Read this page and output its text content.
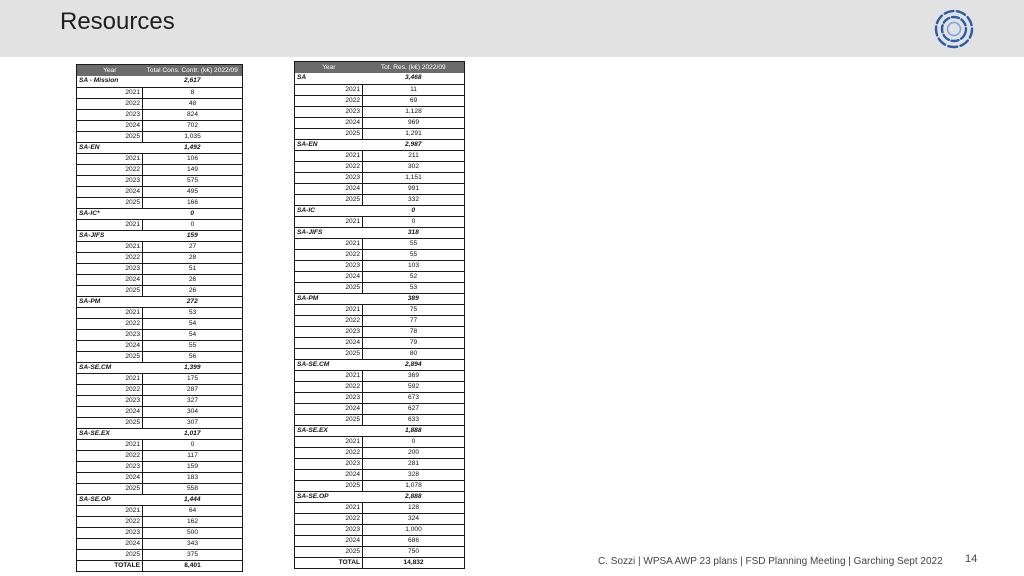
Resources
Year	Total Cons. Contr. (k€) 2022/09
SA - Mission	2,617
2021	8
2022	48
2023	824
2024	702
2025	1,035
SA-EN	1,492
2021	106
2022	149
2023	575
2024	495
2025	166
SA-IC*	0
2021	0
SA-JIFS	159
2021	27
2022	28
2023	51
2024	26
2025	26
SA-PM	272
2021	53
2022	54
2023	54
2024	55
2025	56
SA-SE.CM	1,399
2021	175
2022	287
2023	327
2024	304
2025	307
SA-SE.EX	1,017
2021	0
2022	117
2023	159
2024	183
2025	558
SA-SE.OP	1,444
2021	64
2022	162
2023	500
2024	343
2025	375
TOTALE	8,401
Year	Tot. Res. (k€) 2022/09
SA	3,468
2021	11
2022	69
2023	1,128
2024	969
2025	1,291
SA-EN	2,987
2021	211
2022	302
2023	1,151
2024	991
2025	332
SA-IC	0
2021	0
SA-JIFS	318
2021	55
2022	55
2023	103
2024	52
2025	53
SA-PM	389
2021	75
2022	77
2023	78
2024	79
2025	80
SA-SE.CM	2,894
2021	369
2022	592
2023	673
2024	627
2025	633
SA-SE.EX	1,888
2021	0
2022	200
2023	281
2024	328
2025	1,078
SA-SE.OP	2,888
2021	128
2022	324
2023	1,000
2024	686
2025	750
TOTAL	14,832	C. Sozzi | WPSA AWP 23 plans | FSD Planning Meeting | Garching Sept 2022 14
